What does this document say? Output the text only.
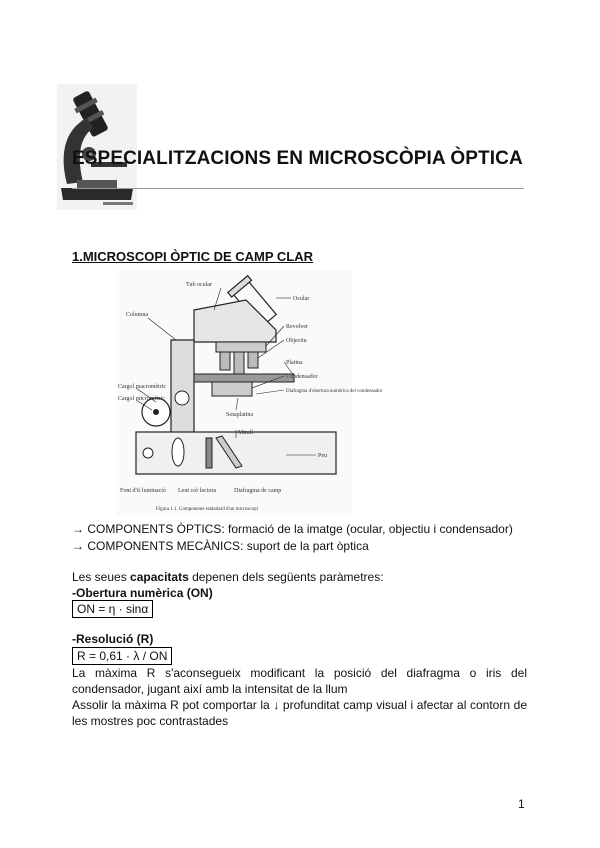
ESPECIALITZACIONS EN MICROSCÒPIA ÒPTICA
1.MICROSCOPI ÒPTIC DE CAMP CLAR
Tub ocular
Ocular
Columna
Revolver
Objectiu
Platina
Condensador
Diafragma d'obertura numèrica del condensador
Cargol macromètric
Cargol micromètric
Sotaplatina
Mirall
Peu
Font d'il·luminació Lent col·lectora	Diafragma de camp
Figura 1.1. Components estàndard d'un microscopi
→ COMPONENTS ÒPTICS: formació de la imatge (ocular, objectiu i condensador)
→ COMPONENTS MECÀNICS: suport de la part òptica
Les seues capacitats depenen dels següents paràmetres:
-Obertura numèrica (ON)
ON = η · sinα
-Resolució (R)
R = 0,61 · λ / ON
La màxima R s'aconsegueix modificant la posició del diafragma o iris del condensador, jugant així amb la intensitat de la llum
Assolir la màxima R pot comportar la ↓ profunditat camp visual i afectar al contorn de les mostres poc contrastades
1
